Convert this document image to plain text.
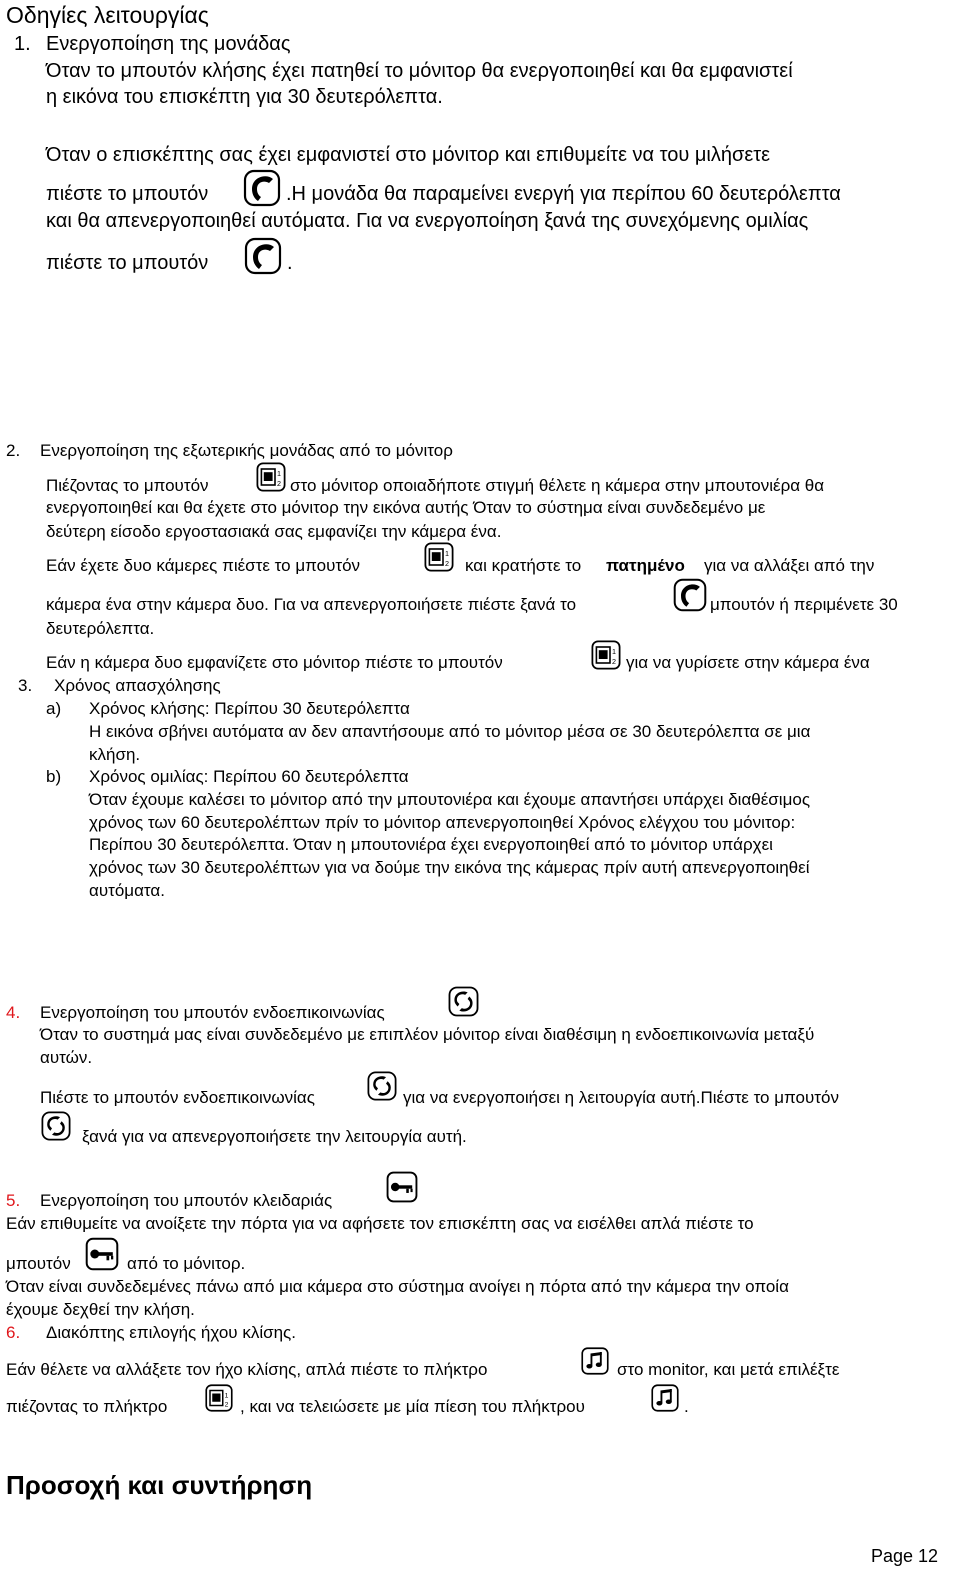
Οδηγίες λειτουργίας
1. Ενεργοποίηση της μονάδας
Όταν το μπουτόν κλήσης έχει πατηθεί το μόνιτορ θα ενεργοποιηθεί και θα εμφανιστεί
η εικόνα του επισκέπτη για 30 δευτερόλεπτα.
Όταν ο επισκέπτης σας έχει εμφανιστεί στο μόνιτορ και επιθυμείτε να του μιλήσετε
πιέστε το μπουτόν	.Η μονάδα θα παραμείνει ενεργή για περίπου 60 δευτερόλεπτα
και θα απενεργοποιηθεί αυτόματα. Για να ενεργοποίηση ξανά της συνεχόμενης ομιλίας
πιέστε το μπουτόν	.
2. Ενεργοποίηση της εξωτερικής μονάδας από το μόνιτορ
Πιέζοντας το μπουτόν	στο μόνιτορ οποιαδήποτε στιγμή θέλετε η κάμερα στην μπουτονιέρα θα
ενεργοποιηθεί και θα έχετε στο μόνιτορ την εικόνα αυτής Όταν το σύστημα είναι συνδεδεμένο με
δεύτερη είσοδο εργοστασιακά σας εμφανίζει την κάμερα ένα.
Εάν έχετε δυο κάμερες πιέστε το μπουτόν	και κρατήστε το πατημένο για να αλλάξει από την
κάμερα ένα στην κάμερα δυο. Για να απενεργοποιήσετε πιέστε ξανά το	μπουτόν ή περιμένετε 30
δευτερόλεπτα.
Εάν η κάμερα δυο εμφανίζετε στο μόνιτορ πιέστε το μπουτόν	για να γυρίσετε στην κάμερα ένα
3. Χρόνος απασχόλησης
a) Χρόνος κλήσης: Περίπου 30 δευτερόλεπτα
Η εικόνα σβήνει αυτόματα αν δεν απαντήσουμε από το μόνιτορ μέσα σε 30 δευτερόλεπτα σε μια
κλήση.
b) Χρόνος ομιλίας: Περίπου 60 δευτερόλεπτα
Όταν έχουμε καλέσει το μόνιτορ από την μπουτονιέρα και έχουμε απαντήσει υπάρχει διαθέσιμος
χρόνος των 60 δευτερολέπτων πρίν το μόνιτορ απενεργοποιηθεί Χρόνος ελέγχου του μόνιτορ:
Περίπου 30 δευτερόλεπτα. Όταν η μπουτονιέρα έχει ενεργοποιηθεί από το μόνιτορ υπάρχει
χρόνος των 30 δευτερολέπτων για να δούμε την εικόνα της κάμερας πρίν αυτή απενεργοποιηθεί
αυτόματα.
4. Ενεργοποίηση του μπουτόν ενδοεπικοινωνίας
Όταν το συστημά μας είναι συνδεδεμένο με επιπλέον μόνιτορ είναι διαθέσιμη η ενδοεπικοινωνία μεταξύ
αυτών.
Πιέστε το μπουτόν ενδοεπικοινωνίας	για να ενεργοποιήσει η λειτουργία αυτή.Πιέστε το μπουτόν
ξανά για να απενεργοποιήσετε την λειτουργία αυτή.
5. Ενεργοποίηση του μπουτόν κλειδαριάς
Εάν επιθυμείτε να ανοίξετε την πόρτα για να αφήσετε τον επισκέπτη σας να εισέλθει απλά πιέστε το
μπουτόν	από το μόνιτορ.
Όταν είναι συνδεδεμένες πάνω από μια κάμερα στο σύστημα ανοίγει η πόρτα από την κάμερα την οποία
έχουμε δεχθεί την κλήση.
6. Διακόπτης επιλογής ήχου κλίσης.
Εάν θέλετε να αλλάξετε τον ήχο κλίσης, απλά πιέστε το πλήκτρο	στο monitor, και μετά επιλέξτε
πιέζοντας το πλήκτρο	, και να τελειώσετε με μία πίεση του πλήκτρου	.
Προσοχή και συντήρηση
Page 12
